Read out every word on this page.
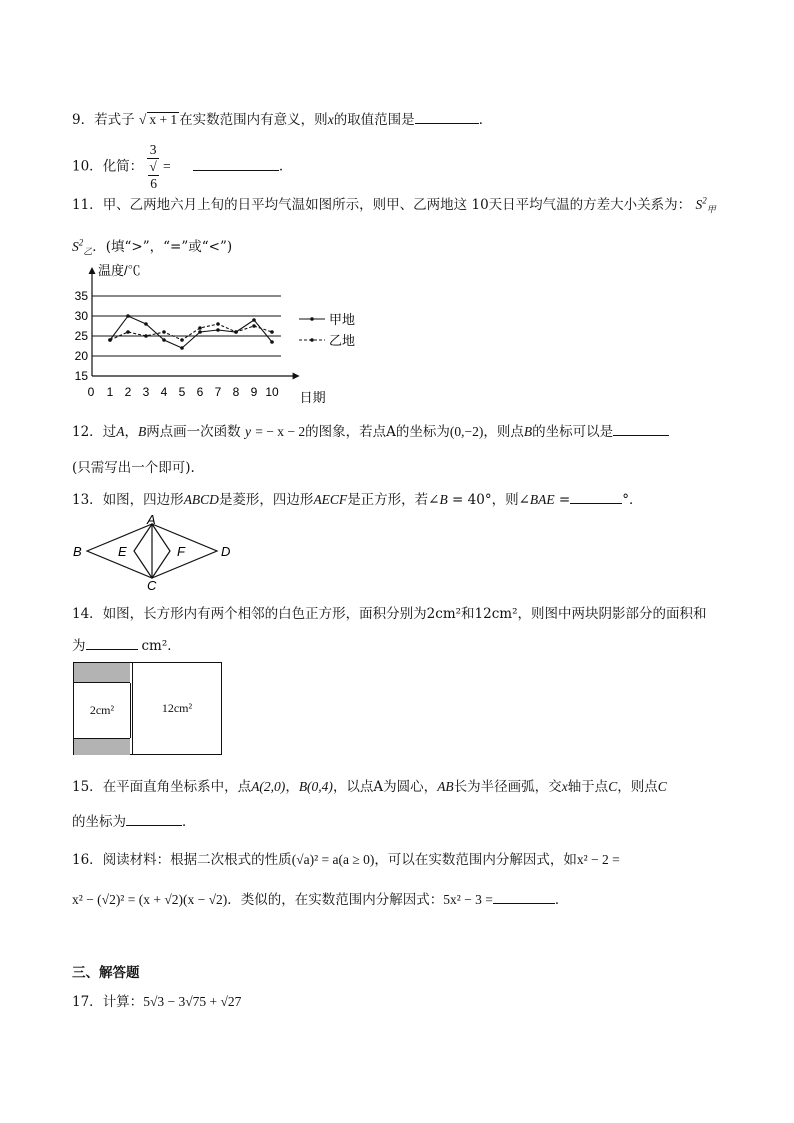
9．若式子 √ x + 1 在实数范围内有意义，则x的取值范围是	．
10．化简： 3
√
6 =	.
11．甲、乙两地六月上旬的日平均气温如图所示，则甲、乙两地这 10天日平均气温的方差大小关系为： $S^2_甲$
$S^2_乙$．(填“>”，“=”或“<”)
15
20
25
30
35
0 1 2 3 4 5 6 7 8 9 10
温度/℃
日期
甲地
乙地
12．过A，B两点画一次函数 y = − x − 2的图象，若点A的坐标为(0,−2)，则点B的坐标可以是
(只需写出一个即可).
13．如图，四边形ABCD是菱形，四边形AECF是正方形，若∠B = 40°，则∠BAE =	°．
A
B
C
D
E	F
14．如图，长方形内有两个相邻的白色正方形，面积分别为2cm²和12cm²，则图中两块阴影部分的面积和
为	cm²．
2cm²	12cm²
15．在平面直角坐标系中，点A(2,0)，B(0,4)，以点A为圆心，AB长为半径画弧，交x轴于点C，则点C
的坐标为	．
16．阅读材料：根据二次根式的性质(√a)² = a(a ≥ 0)，可以在实数范围内分解因式，如x² − 2 =
x² − (√2)² = (x + √2)(x − √2)．类似的，在实数范围内分解因式：5x² − 3 =	．
三、解答题
17．计算：5√3 − 3√75 + √27
